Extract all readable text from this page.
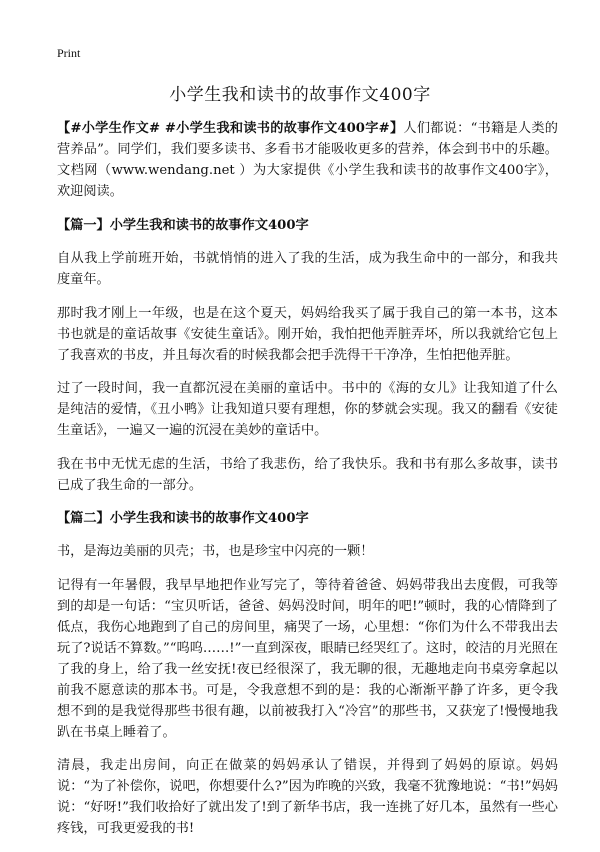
Print
小学生我和读书的故事作文400字

【#小学生作文# #小学生我和读书的故事作文400字#】人们都说：“书籍是人类的营养品”。同学们，我们要多读书、多看书才能吸收更多的营养，体会到书中的乐趣。文档网（www.wendang.net ）为大家提供《小学生我和读书的故事作文400字》，欢迎阅读。

【篇一】小学生我和读书的故事作文400字

自从我上学前班开始，书就悄悄的进入了我的生活，成为我生命中的一部分，和我共度童年。

那时我才刚上一年级，也是在这个夏天，妈妈给我买了属于我自己的第一本书，这本书也就是的童话故事《安徒生童话》。刚开始，我怕把他弄脏弄坏，所以我就给它包上了我喜欢的书皮，并且每次看的时候我都会把手洗得干干净净，生怕把他弄脏。

过了一段时间，我一直都沉浸在美丽的童话中。书中的《海的女儿》让我知道了什么是纯洁的爱情，《丑小鸭》让我知道只要有理想，你的梦就会实现。我又的翻看《安徒生童话》，一遍又一遍的沉浸在美妙的童话中。

我在书中无忧无虑的生活，书给了我悲伤，给了我快乐。我和书有那么多故事，读书已成了我生命的一部分。

【篇二】小学生我和读书的故事作文400字

书，是海边美丽的贝壳；书，也是珍宝中闪亮的一颗！

记得有一年暑假，我早早地把作业写完了，等待着爸爸、妈妈带我出去度假，可我等到的却是一句话：“宝贝听话，爸爸、妈妈没时间，明年的吧!”顿时，我的心情降到了低点，我伤心地跑到了自己的房间里，痛哭了一场，心里想：“你们为什么不带我出去玩了?说话不算数。”“呜呜……!”一直到深夜，眼睛已经哭红了。这时，皎洁的月光照在了我的身上，给了我一丝安抚!夜已经很深了，我无聊的很，无趣地走向书桌旁拿起以前我不愿意读的那本书。可是，令我意想不到的是：我的心渐渐平静了许多，更令我想不到的是我觉得那些书很有趣，以前被我打入“冷宫”的那些书，又获宠了!慢慢地我趴在书桌上睡着了。

清晨，我走出房间，向正在做菜的妈妈承认了错误，并得到了妈妈的原谅。妈妈说：“为了补偿你，说吧，你想要什么?”因为昨晚的兴致，我毫不犹豫地说：“书!”妈妈说：“好呀!”我们收拾好了就出发了!到了新华书店，我一连挑了好几本，虽然有一些心疼钱，可我更爱我的书!
